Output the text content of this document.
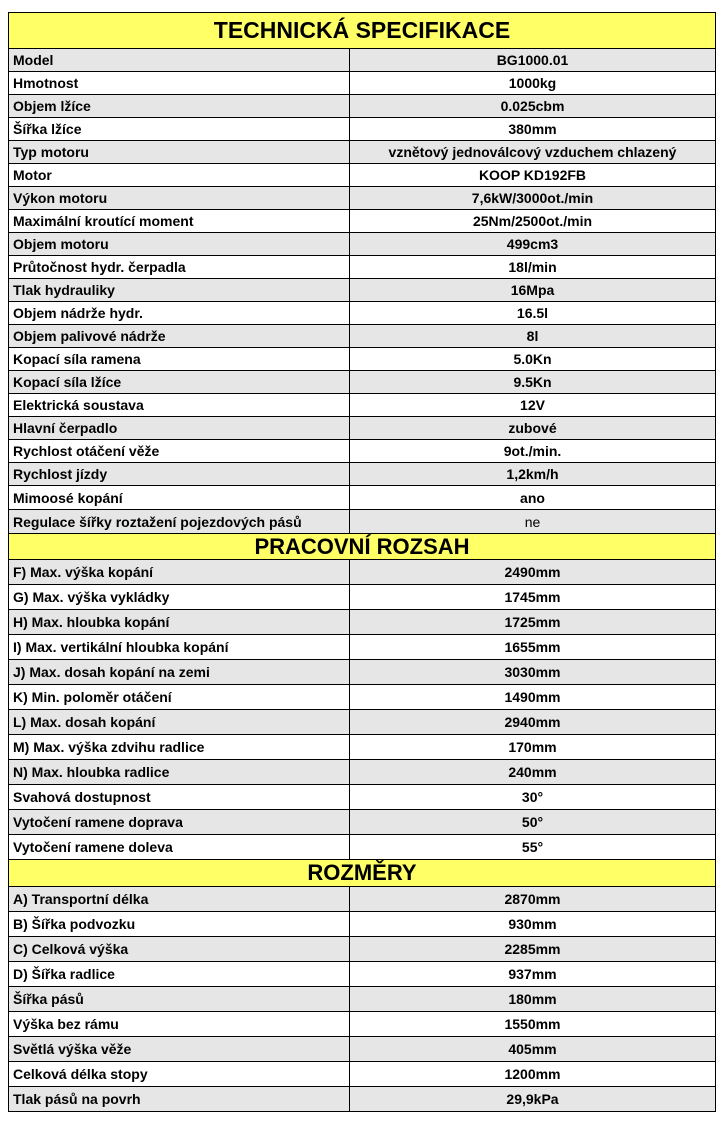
TECHNICKÁ SPECIFIKACE	
Model	BG1000.01
Hmotnost	1000kg
Objem lžíce	0.025cbm
Šířka lžíce	380mm
Typ motoru	vznětový jednoválcový vzduchem chlazený
Motor	KOOP KD192FB
Výkon motoru	7,6kW/3000ot./min
Maximální kroutící moment	25Nm/2500ot./min
Objem motoru	499cm3
Průtočnost hydr. čerpadla	18l/min
Tlak hydrauliky	16Mpa
Objem nádrže hydr.	16.5l
Objem palivové nádrže	8l
Kopací síla ramena	5.0Kn
Kopací síla lžíce	9.5Kn
Elektrická soustava	12V
Hlavní čerpadlo	zubové
Rychlost otáčení věže	9ot./min.
Rychlost jízdy	1,2km/h
Mimoosé kopání	ano
Regulace šířky roztažení pojezdových pásů	ne
PRACOVNÍ ROZSAH	
F) Max. výška kopání	2490mm
G) Max. výška vykládky	1745mm
H) Max. hloubka kopání	1725mm
I) Max. vertikální hloubka kopání	1655mm
J) Max. dosah kopání na zemi	3030mm
K) Min. poloměr otáčení	1490mm
L) Max. dosah kopání	2940mm
M) Max. výška zdvihu radlice	170mm
N) Max. hloubka radlice	240mm
Svahová dostupnost	30°
Vytočení ramene doprava	50°
Vytočení ramene doleva	55°
ROZMĚRY	
A) Transportní délka	2870mm
B) Šířka podvozku	930mm
C) Celková výška	2285mm
D) Šířka radlice	937mm
Šířka pásů	180mm
Výška bez rámu	1550mm
Světlá výška věže	405mm
Celková délka stopy	1200mm
Tlak pásů na povrh	29,9kPa
